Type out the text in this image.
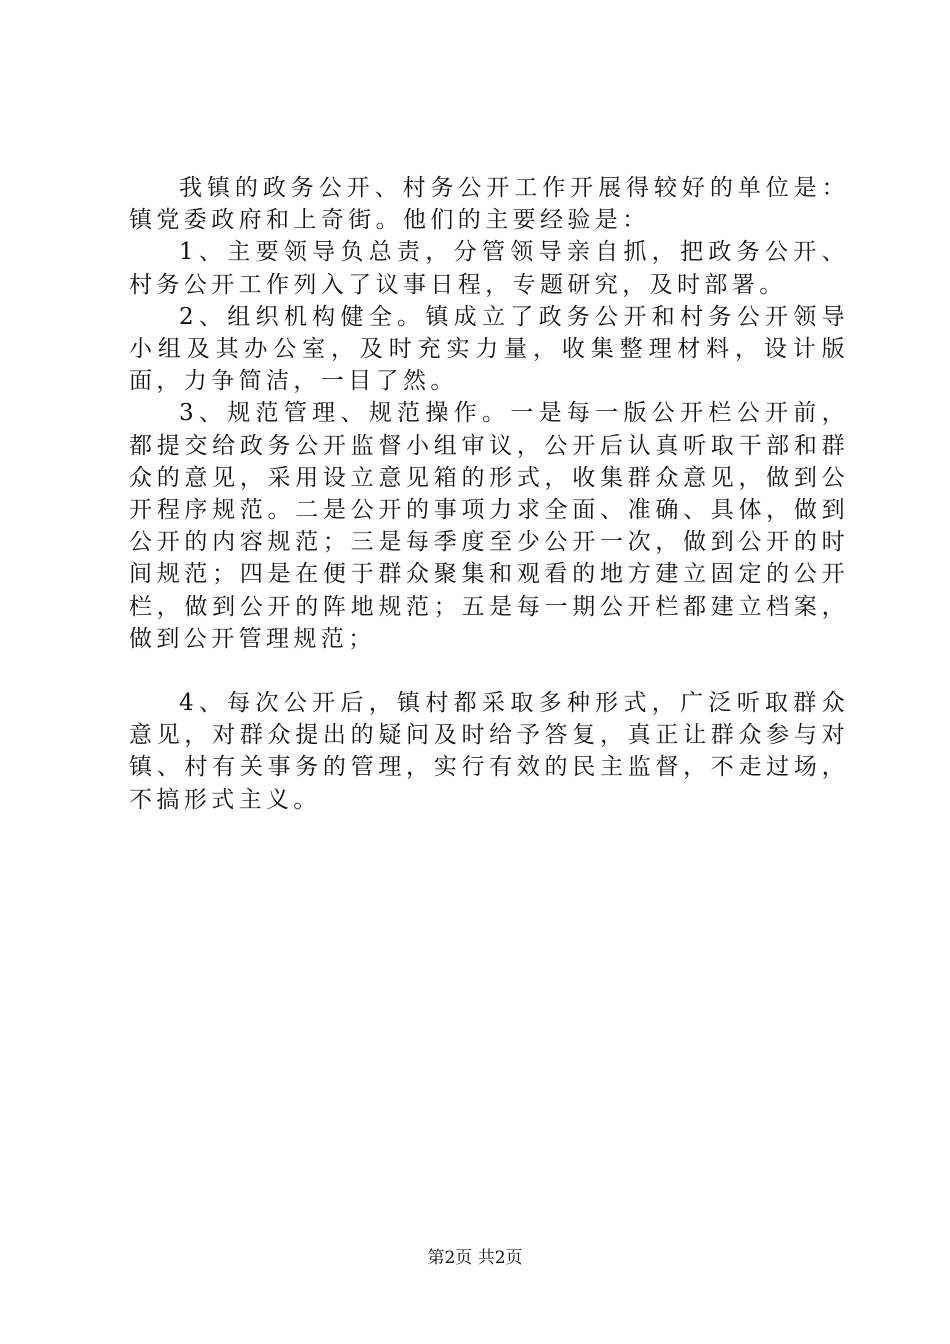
我镇的政务公开、村务公开工作开展得较好的单位是：镇党委政府和上奇街。他们的主要经验是：

1、主要领导负总责，分管领导亲自抓，把政务公开、村务公开工作列入了议事日程，专题研究，及时部署。

2、组织机构健全。镇成立了政务公开和村务公开领导小组及其办公室，及时充实力量，收集整理材料，设计版面，力争简洁，一目了然。

3、规范管理、规范操作。一是每一版公开栏公开前，都提交给政务公开监督小组审议，公开后认真听取干部和群众的意见，采用设立意见箱的形式，收集群众意见，做到公开程序规范。二是公开的事项力求全面、准确、具体，做到公开的内容规范；三是每季度至少公开一次，做到公开的时间规范；四是在便于群众聚集和观看的地方建立固定的公开栏，做到公开的阵地规范；五是每一期公开栏都建立档案，做到公开管理规范；

4、每次公开后，镇村都采取多种形式，广泛听取群众意见，对群众提出的疑问及时给予答复，真正让群众参与对镇、村有关事务的管理，实行有效的民主监督，不走过场，不搞形式主义。

第2页 共2页
